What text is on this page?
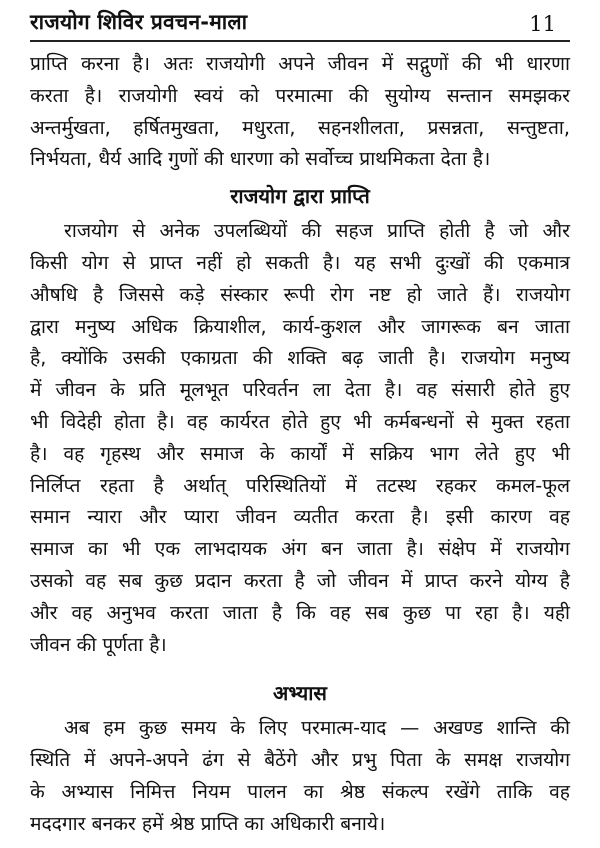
राजयोग शिविर प्रवचन-माला	11
प्राप्ति करना है। अतः राजयोगी अपने जीवन में सद्गुणों की भी धारणा
करता है। राजयोगी स्वयं को परमात्मा की सुयोग्य सन्तान समझकर
अन्तर्मुखता, हर्षितमुखता, मधुरता, सहनशीलता, प्रसन्नता, सन्तुष्टता,
निर्भयता, धैर्य आदि गुणों की धारणा को सर्वोच्च प्राथमिकता देता है।
राजयोग द्वारा प्राप्ति
राजयोग से अनेक उपलब्धियों की सहज प्राप्ति होती है जो और
किसी योग से प्राप्त नहीं हो सकती है। यह सभी दुःखों की एकमात्र
औषधि है जिससे कड़े संस्कार रूपी रोग नष्ट हो जाते हैं। राजयोग
द्वारा मनुष्य अधिक क्रियाशील, कार्य-कुशल और जागरूक बन जाता
है, क्योंकि उसकी एकाग्रता की शक्ति बढ़ जाती है। राजयोग मनुष्य
में जीवन के प्रति मूलभूत परिवर्तन ला देता है। वह संसारी होते हुए
भी विदेही होता है। वह कार्यरत होते हुए भी कर्मबन्धनों से मुक्त रहता
है। वह गृहस्थ और समाज के कार्यों में सक्रिय भाग लेते हुए भी
निर्लिप्त रहता है अर्थात् परिस्थितियों में तटस्थ रहकर कमल-फूल
समान न्यारा और प्यारा जीवन व्यतीत करता है। इसी कारण वह
समाज का भी एक लाभदायक अंग बन जाता है। संक्षेप में राजयोग
उसको वह सब कुछ प्रदान करता है जो जीवन में प्राप्त करने योग्य है
और वह अनुभव करता जाता है कि वह सब कुछ पा रहा है। यही
जीवन की पूर्णता है।
अभ्यास
अब हम कुछ समय के लिए परमात्म-याद — अखण्ड शान्ति की
स्थिति में अपने-अपने ढंग से बैठेंगे और प्रभु पिता के समक्ष राजयोग
के अभ्यास निमित्त नियम पालन का श्रेष्ठ संकल्प रखेंगे ताकि वह
मददगार बनकर हमें श्रेष्ठ प्राप्ति का अधिकारी बनाये।
